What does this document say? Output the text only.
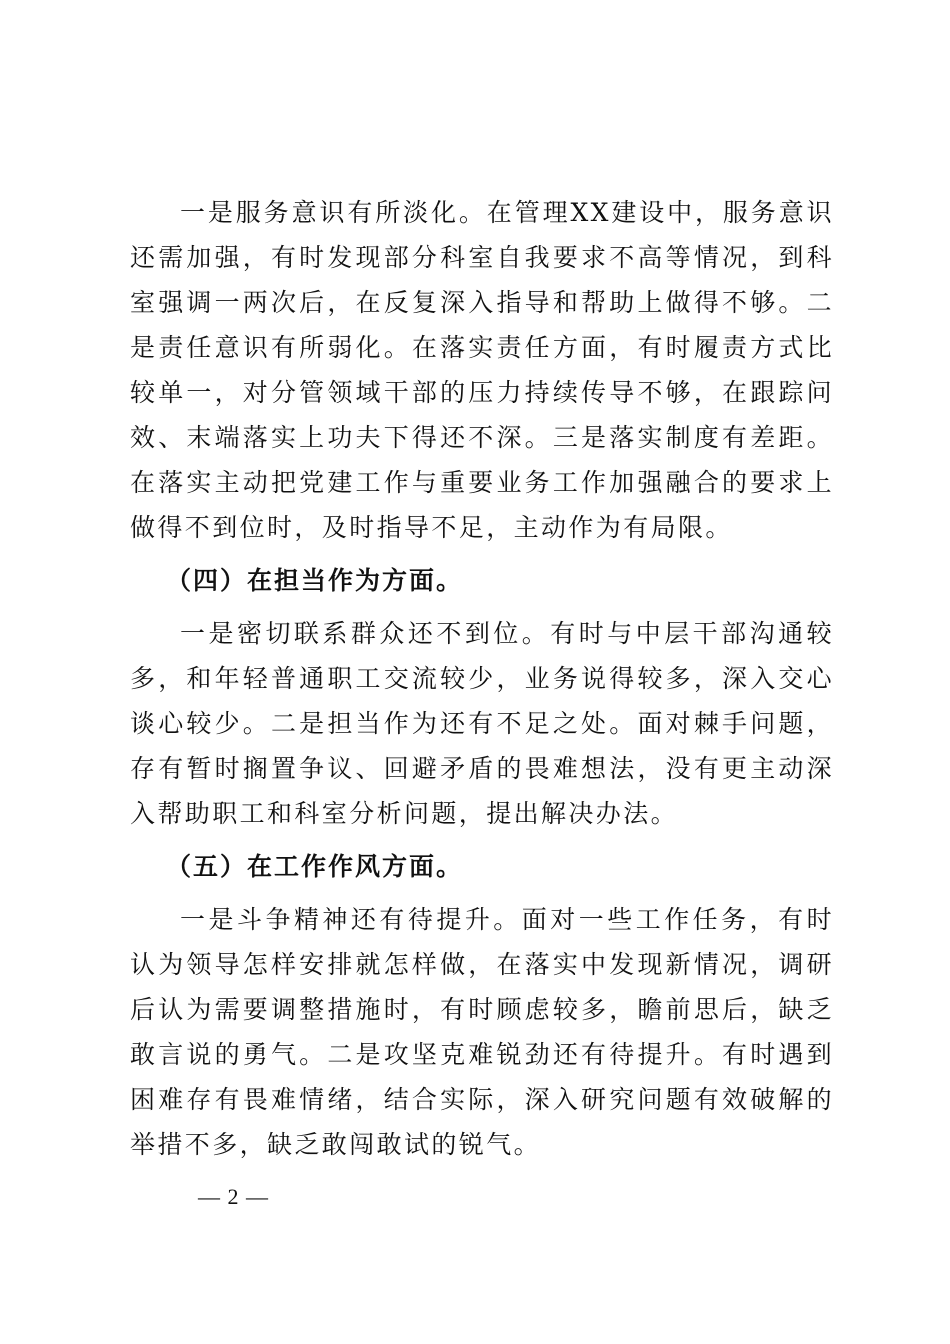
一是服务意识有所淡化。在管理XX建设中，服务意识还需加强，有时发现部分科室自我要求不高等情况，到科室强调一两次后，在反复深入指导和帮助上做得不够。二是责任意识有所弱化。在落实责任方面，有时履责方式比较单一，对分管领域干部的压力持续传导不够，在跟踪问效、末端落实上功夫下得还不深。三是落实制度有差距。在落实主动把党建工作与重要业务工作加强融合的要求上做得不到位时，及时指导不足，主动作为有局限。

（四）在担当作为方面。

一是密切联系群众还不到位。有时与中层干部沟通较多，和年轻普通职工交流较少，业务说得较多，深入交心谈心较少。二是担当作为还有不足之处。面对棘手问题，存有暂时搁置争议、回避矛盾的畏难想法，没有更主动深入帮助职工和科室分析问题，提出解决办法。

（五）在工作作风方面。

一是斗争精神还有待提升。面对一些工作任务，有时认为领导怎样安排就怎样做，在落实中发现新情况，调研后认为需要调整措施时，有时顾虑较多，瞻前思后，缺乏敢言说的勇气。二是攻坚克难锐劲还有待提升。有时遇到困难存有畏难情绪，结合实际，深入研究问题有效破解的举措不多，缺乏敢闯敢试的锐气。

— 2 —
